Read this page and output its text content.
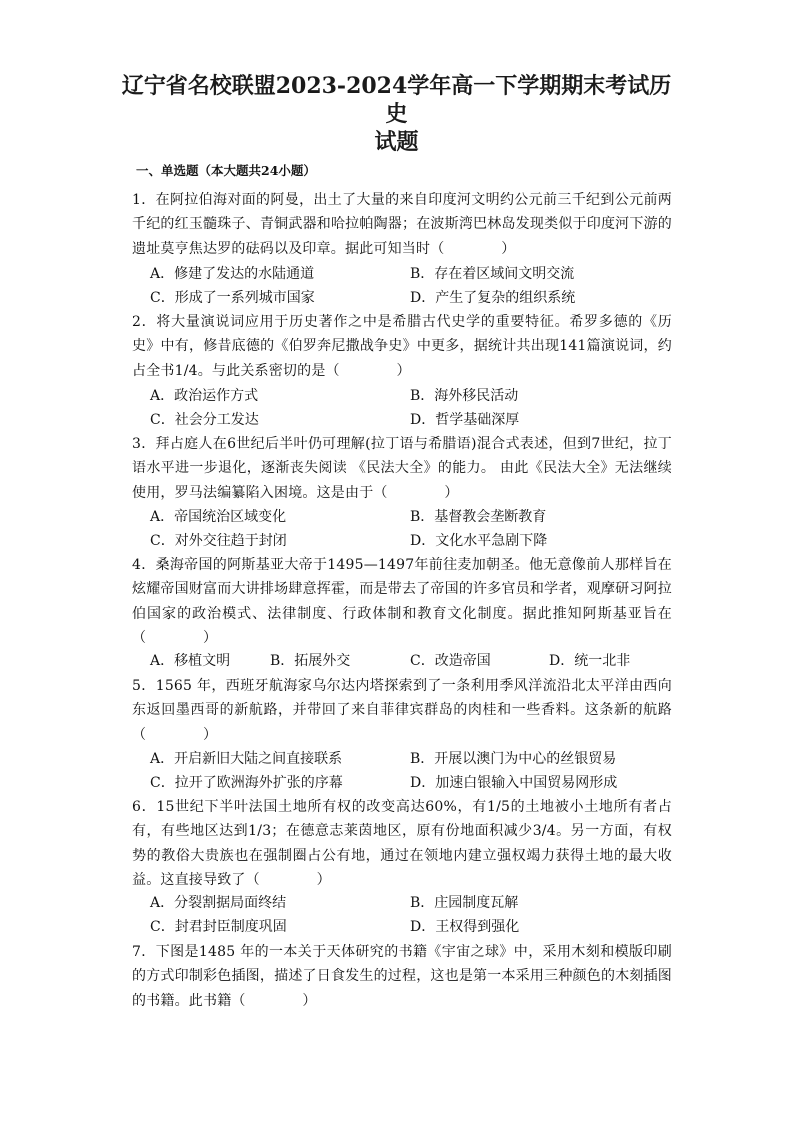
辽宁省名校联盟2023-2024学年高一下学期期末考试历史
试题
一、单选题（本大题共24小题）
1．在阿拉伯海对面的阿曼，出土了大量的来自印度河文明约公元前三千纪到公元前两千纪的红玉髓珠子、青铜武器和哈拉帕陶器；在波斯湾巴林岛发现类似于印度河下游的遗址莫亨焦达罗的砝码以及印章。据此可知当时（　　　　）
A．修建了发达的水陆通道	B．存在着区域间文明交流
C．形成了一系列城市国家	D．产生了复杂的组织系统
2．将大量演说词应用于历史著作之中是希腊古代史学的重要特征。希罗多德的《历史》中有，修昔底德的《伯罗奔尼撒战争史》中更多，据统计共出现141篇演说词，约占全书1/4。与此关系密切的是（　　　　）
A．政治运作方式	B．海外移民活动
C．社会分工发达	D．哲学基础深厚
3．拜占庭人在6世纪后半叶仍可理解(拉丁语与希腊语)混合式表述，但到7世纪，拉丁语水平进一步退化，逐渐丧失阅读 《民法大全》的能力。 由此《民法大全》无法继续使用，罗马法编纂陷入困境。这是由于（　　　　）
A．帝国统治区域变化	B．基督教会垄断教育
C．对外交往趋于封闭	D．文化水平急剧下降
4．桑海帝国的阿斯基亚大帝于1495—1497年前往麦加朝圣。他无意像前人那样旨在炫耀帝国财富而大讲排场肆意挥霍，而是带去了帝国的许多官员和学者，观摩研习阿拉伯国家的政治模式、法律制度、行政体制和教育文化制度。据此推知阿斯基亚旨在（　　　　）
A．移植文明	B．拓展外交	C．改造帝国	D．统一北非
5．1565 年，西班牙航海家乌尔达内塔探索到了一条利用季风洋流沿北太平洋由西向东返回墨西哥的新航路，并带回了来自菲律宾群岛的肉桂和一些香料。这条新的航路（　　　　）
A．开启新旧大陆之间直接联系	B．开展以澳门为中心的丝银贸易
C．拉开了欧洲海外扩张的序幕	D．加速白银输入中国贸易网形成
6．15世纪下半叶法国土地所有权的改变高达60%，有1/5的土地被小土地所有者占有，有些地区达到1/3；在德意志莱茵地区，原有份地面积减少3/4。另一方面，有权势的教俗大贵族也在强制圈占公有地，通过在领地内建立强权竭力获得土地的最大收益。这直接导致了（　　　　）
A．分裂割据局面终结	B．庄园制度瓦解
C．封君封臣制度巩固	D．王权得到强化
7．下图是1485 年的一本关于天体研究的书籍《宇宙之球》中，采用木刻和模版印刷的方式印制彩色插图，描述了日食发生的过程，这也是第一本采用三种颜色的木刻插图的书籍。此书籍（　　　　）
